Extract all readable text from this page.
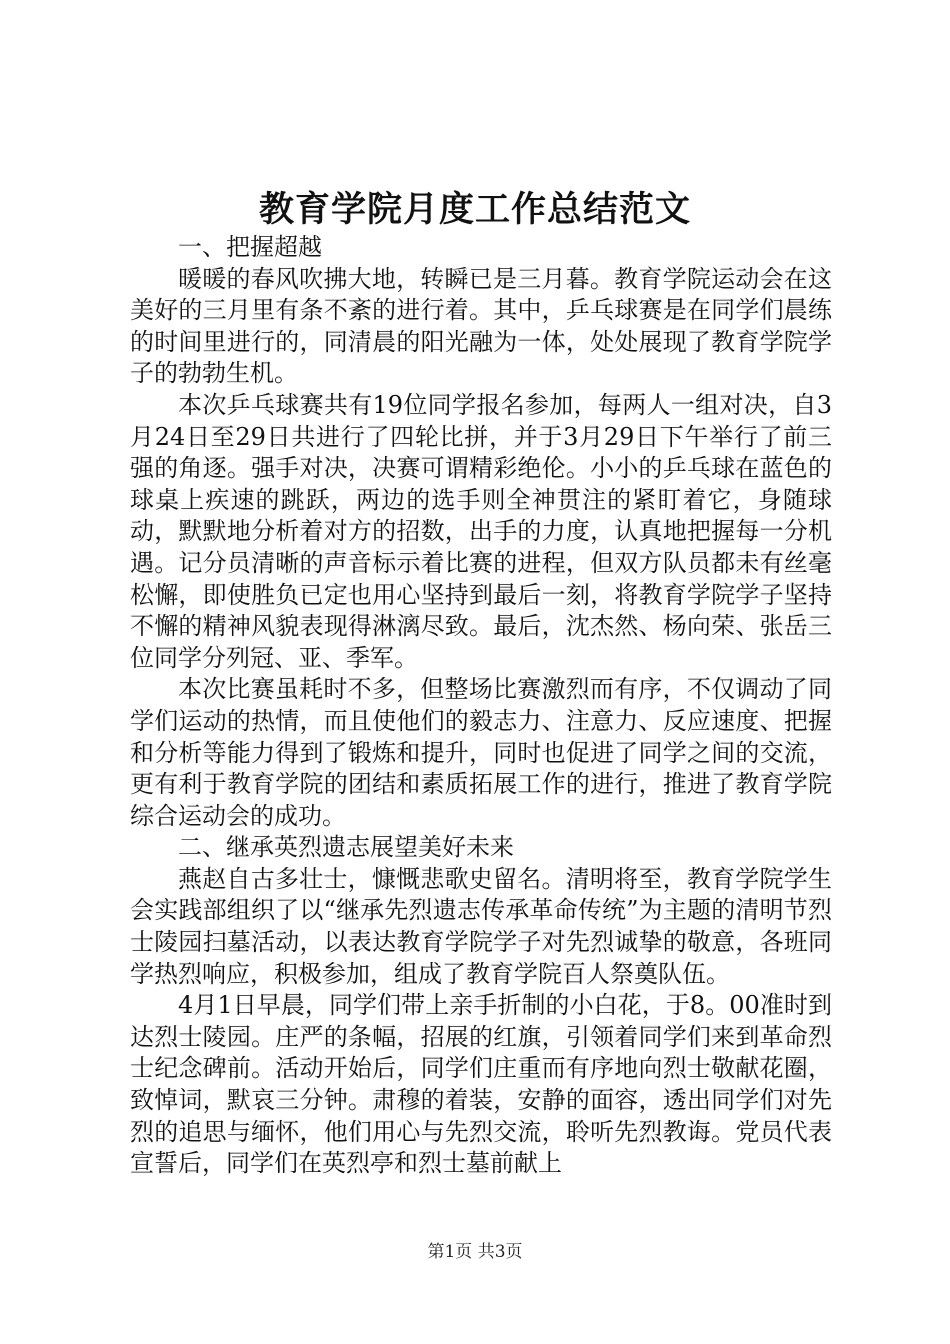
教育学院月度工作总结范文

一、把握超越

暖暖的春风吹拂大地，转瞬已是三月暮。教育学院运动会在这美好的三月里有条不紊的进行着。其中，乒乓球赛是在同学们晨练的时间里进行的，同清晨的阳光融为一体，处处展现了教育学院学子的勃勃生机。

本次乒乓球赛共有19位同学报名参加，每两人一组对决，自3月24日至29日共进行了四轮比拼，并于3月29日下午举行了前三强的角逐。强手对决，决赛可谓精彩绝伦。小小的乒乓球在蓝色的球桌上疾速的跳跃，两边的选手则全神贯注的紧盯着它，身随球动，默默地分析着对方的招数，出手的力度，认真地把握每一分机遇。记分员清晰的声音标示着比赛的进程，但双方队员都未有丝毫松懈，即使胜负已定也用心坚持到最后一刻，将教育学院学子坚持不懈的精神风貌表现得淋漓尽致。最后，沈杰然、杨向荣、张岳三位同学分列冠、亚、季军。

本次比赛虽耗时不多，但整场比赛激烈而有序，不仅调动了同学们运动的热情，而且使他们的毅志力、注意力、反应速度、把握和分析等能力得到了锻炼和提升，同时也促进了同学之间的交流，更有利于教育学院的团结和素质拓展工作的进行，推进了教育学院综合运动会的成功。

二、继承英烈遗志展望美好未来

燕赵自古多壮士，慷慨悲歌史留名。清明将至，教育学院学生会实践部组织了以“继承先烈遗志传承革命传统”为主题的清明节烈士陵园扫墓活动，以表达教育学院学子对先烈诚挚的敬意，各班同学热烈响应，积极参加，组成了教育学院百人祭奠队伍。

4月1日早晨，同学们带上亲手折制的小白花，于8。00准时到达烈士陵园。庄严的条幅，招展的红旗，引领着同学们来到革命烈士纪念碑前。活动开始后，同学们庄重而有序地向烈士敬献花圈，致悼词，默哀三分钟。肃穆的着装，安静的面容，透出同学们对先烈的追思与缅怀，他们用心与先烈交流，聆听先烈教诲。党员代表宣誓后，同学们在英烈亭和烈士墓前献上

第1页 共3页
